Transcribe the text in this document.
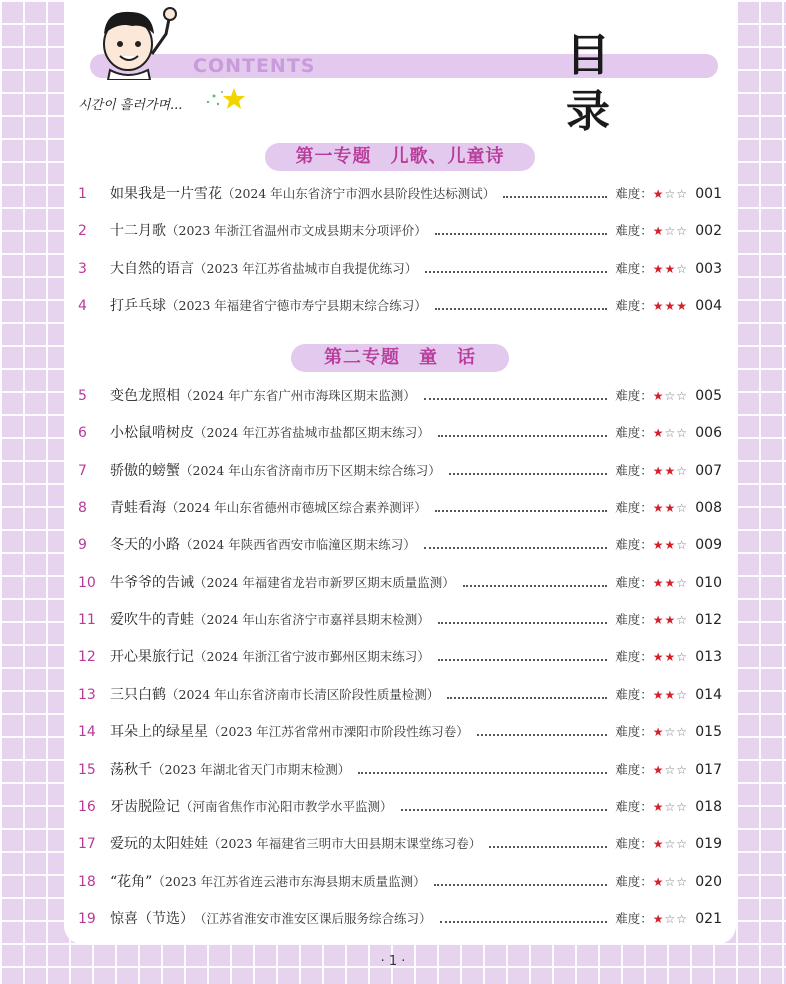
CONTENTS	目 录
시간이 흘러가며...
第一专题　儿歌、儿童诗
第二专题　童　话
1	如果我是一片雪花 （2024 年山东省济宁市泗水县阶段性达标测试）	难度： ★☆☆ 001
2	十二月歌 （2023 年浙江省温州市文成县期末分项评价）	难度： ★☆☆ 002
3	大自然的语言 （2023 年江苏省盐城市自我提优练习）	难度： ★★☆ 003
4	打乒乓球 （2023 年福建省宁德市寿宁县期末综合练习）	难度： ★★★ 004
5	变色龙照相 （2024 年广东省广州市海珠区期末监测）	难度： ★☆☆ 005
6	小松鼠啃树皮 （2024 年江苏省盐城市盐都区期末练习）	难度： ★☆☆ 006
7	骄傲的螃蟹 （2024 年山东省济南市历下区期末综合练习）	难度： ★★☆ 007
8	青蛙看海 （2024 年山东省德州市德城区综合素养测评）	难度： ★★☆ 008
9	冬天的小路 （2024 年陕西省西安市临潼区期末练习）	难度： ★★☆ 009
10	牛爷爷的告诫 （2024 年福建省龙岩市新罗区期末质量监测）	难度： ★★☆ 010
11	爱吹牛的青蛙 （2024 年山东省济宁市嘉祥县期末检测）	难度： ★★☆ 012
12	开心果旅行记 （2024 年浙江省宁波市鄞州区期末练习）	难度： ★★☆ 013
13	三只白鹤 （2024 年山东省济南市长清区阶段性质量检测）	难度： ★★☆ 014
14	耳朵上的绿星星 （2023 年江苏省常州市溧阳市阶段性练习卷）	难度： ★☆☆ 015
15	荡秋千 （2023 年湖北省天门市期末检测）	难度： ★☆☆ 017
16	牙齿脱险记 （河南省焦作市沁阳市教学水平监测）	难度： ★☆☆ 018
17	爱玩的太阳娃娃 （2023 年福建省三明市大田县期末课堂练习卷）	难度： ★☆☆ 019
18	“花角” （2023 年江苏省连云港市东海县期末质量监测）	难度： ★☆☆ 020
19	惊喜（节选） （江苏省淮安市淮安区课后服务综合练习）	难度： ★☆☆ 021
· 1 ·
